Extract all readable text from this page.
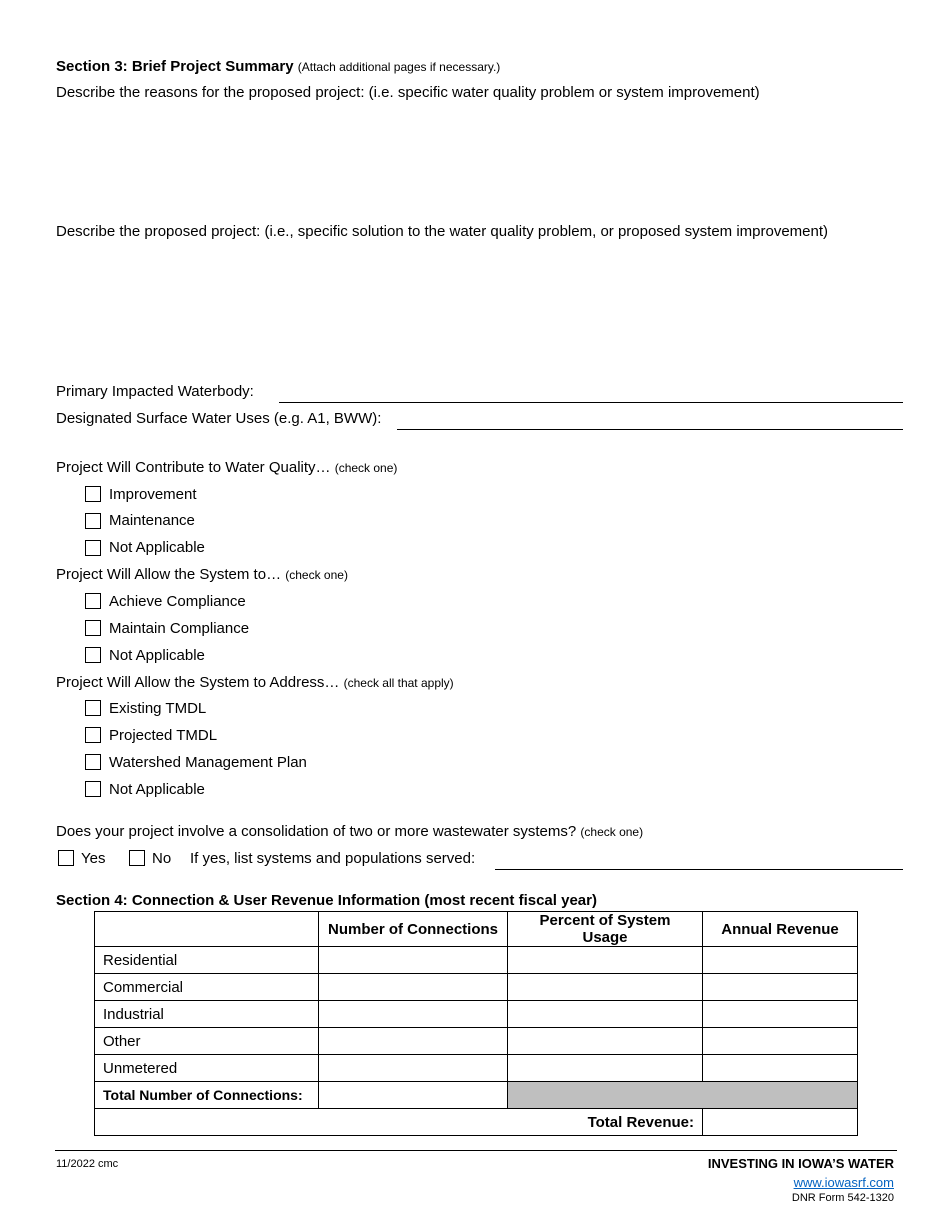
Section 3: Brief Project Summary (Attach additional pages if necessary.)
Describe the reasons for the proposed project: (i.e. specific water quality problem or system improvement)
Describe the proposed project: (i.e., specific solution to the water quality problem, or proposed system improvement)
Primary Impacted Waterbody:
Designated Surface Water Uses (e.g. A1, BWW):
Project Will Contribute to Water Quality… (check one)
Improvement
Maintenance
Not Applicable
Project Will Allow the System to… (check one)
Achieve Compliance
Maintain Compliance
Not Applicable
Project Will Allow the System to Address… (check all that apply)
Existing TMDL
Projected TMDL
Watershed Management Plan
Not Applicable
Does your project involve a consolidation of two or more wastewater systems? (check one)
Yes	No If yes, list systems and populations served:
Section 4: Connection & User Revenue Information (most recent fiscal year)
	Number of Connections	Percent of System Usage	Annual Revenue
Residential			
Commercial			
Industrial			
Other			
Unmetered			
Total Number of Connections:			
Total Revenue:			
11/2022 cmc	INVESTING IN IOWA’S WATER
www.iowasrf.com
DNR Form 542-1320
